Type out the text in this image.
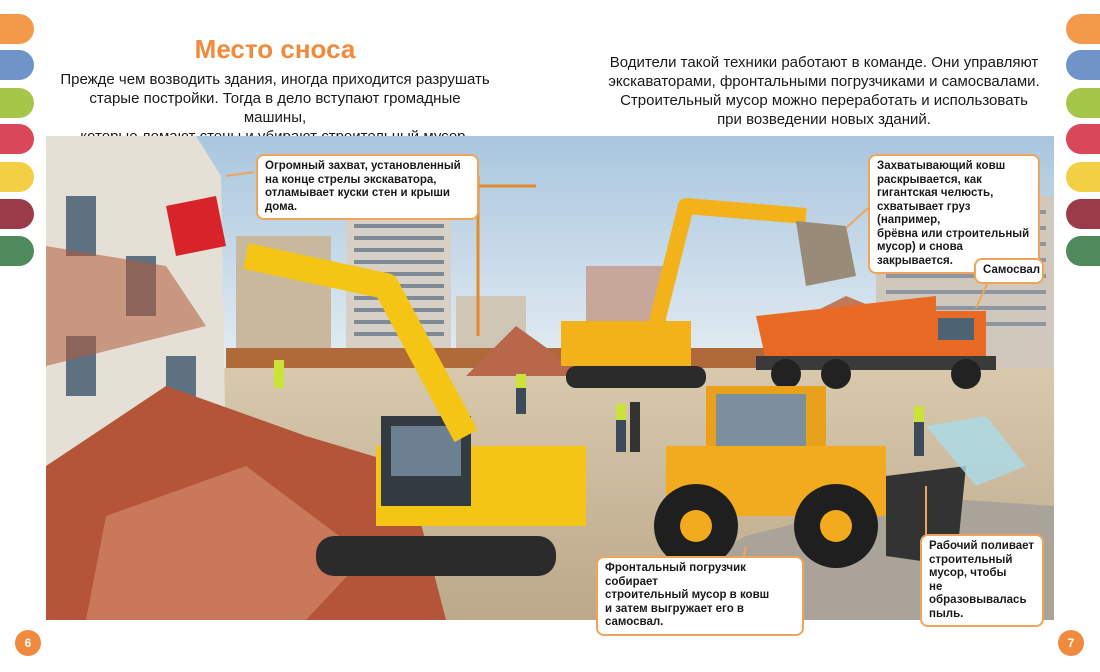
Место сноса
Прежде чем возводить здания, иногда приходится разрушать
старые постройки. Тогда в дело вступают громадные машины,
Водители такой техники работают в команде. Они управляют
экскаваторами, фронтальными погрузчиками и самосвалами.
Строительный мусор можно переработать и использовать
при возведении новых зданий.
Огромный захват, установленный
на конце стрелы экскаватора,
отламывает куски стен и крыши дома.
Захватывающий ковш
раскрывается, как
гигантская челюсть,
схватывает груз (например,
брёвна или строительный
мусор) и снова закрывается.
Самосвал
Фронтальный погрузчик собирает
строительный мусор в ковш
и затем выгружает его в самосвал.
Рабочий поливает
строительный
мусор, чтобы
не образовывалась
пыль.
6	7
